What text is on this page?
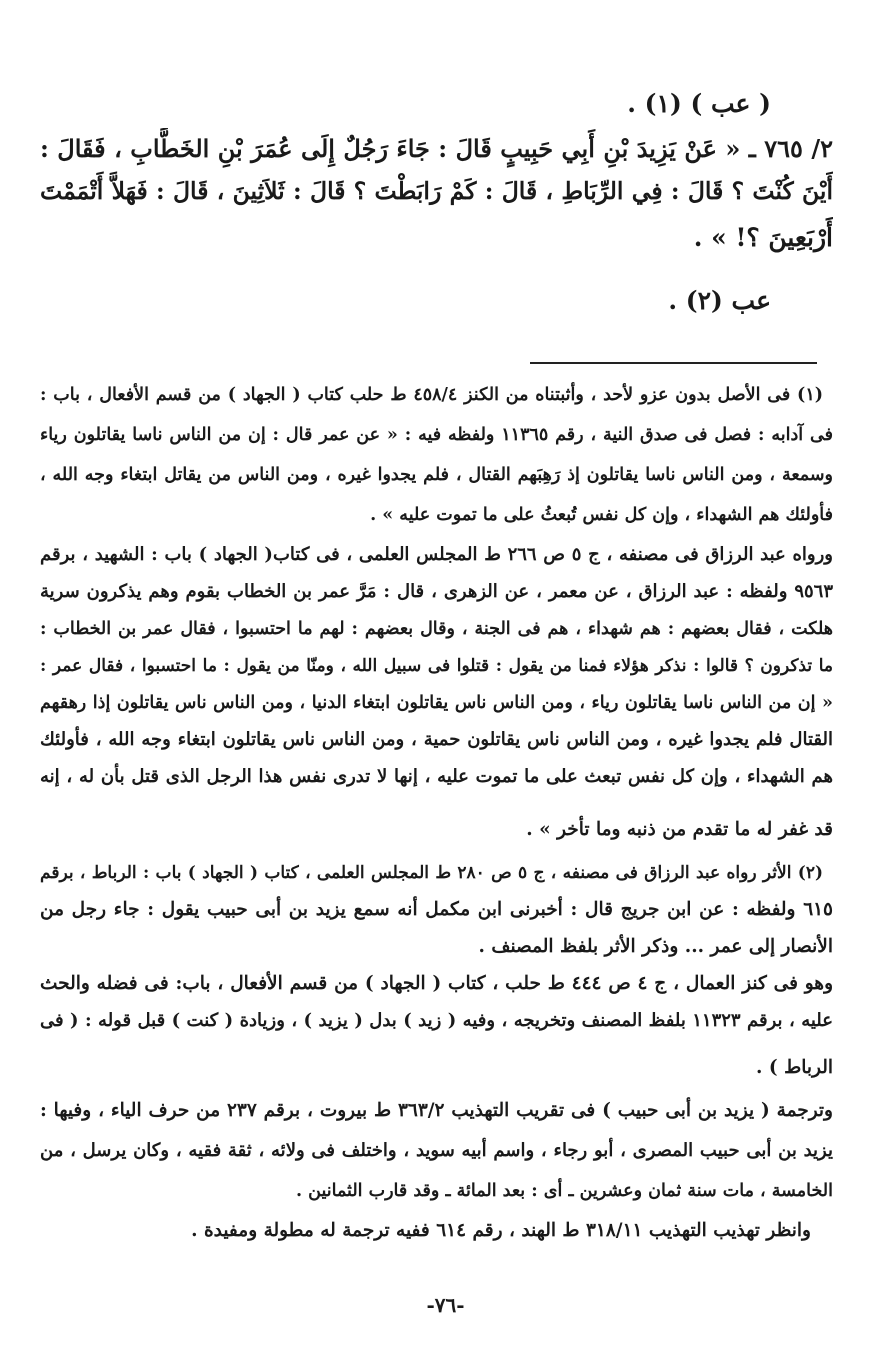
( عب ) (١) .
٢/ ٧٦٥ ـ « عَنْ يَزِيدَ بْنِ أَبِي حَبِيبٍ قَالَ : جَاءَ رَجُلٌ إِلَى عُمَرَ بْنِ الخَطَّابِ ، فَقَالَ :
أَيْنَ كُنْتَ ؟ قَالَ : فِي الرِّبَاطِ ، قَالَ : كَمْ رَابَطْتَ ؟ قَالَ : ثَلاَثِينَ ، قَالَ : فَهَلاَّ أَتْمَمْتَ
أَرْبَعِينَ ؟! » .
عب (٢) .
(١) فى الأصل بدون عزو لأحد ، وأثبتناه من الكنز ٤٥٨/٤ ط حلب كتاب ( الجهاد ) من قسم الأفعال ، باب :
فى آدابه : فصل فى صدق النية ، رقم ١١٣٦٥ ولفظه فيه : « عن عمر قال : إن من الناس ناسا يقاتلون رياء
وسمعة ، ومن الناس ناسا يقاتلون إذ رَهِبَهم القتال ، فلم يجدوا غيره ، ومن الناس من يقاتل ابتغاء وجه الله ،
فأولئك هم الشهداء ، وإن كل نفس تُبعثُ على ما تموت عليه » .
ورواه عبد الرزاق فى مصنفه ، ج ٥ ص ٢٦٦ ط المجلس العلمى ، فى كتاب( الجهاد ) باب : الشهيد ، برقم
٩٥٦٣ ولفظه : عبد الرزاق ، عن معمر ، عن الزهرى ، قال : مَرَّ عمر بن الخطاب بقوم وهم يذكرون سرية
هلكت ، فقال بعضهم : هم شهداء ، هم فى الجنة ، وقال بعضهم : لهم ما احتسبوا ، فقال عمر بن الخطاب :
ما تذكرون ؟ قالوا : نذكر هؤلاء فمنا من يقول : قتلوا فى سبيل الله ، ومنّا من يقول : ما احتسبوا ، فقال عمر :
« إن من الناس ناسا يقاتلون رياء ، ومن الناس ناس يقاتلون ابتغاء الدنيا ، ومن الناس ناس يقاتلون إذا رهقهم
القتال فلم يجدوا غيره ، ومن الناس ناس يقاتلون حمية ، ومن الناس ناس يقاتلون ابتغاء وجه الله ، فأولئك
هم الشهداء ، وإن كل نفس تبعث على ما تموت عليه ، إنها لا تدرى نفس هذا الرجل الذى قتل بأن له ، إنه
قد غفر له ما تقدم من ذنبه وما تأخر » .
(٢) الأثر رواه عبد الرزاق فى مصنفه ، ج ٥ ص ٢٨٠ ط المجلس العلمى ، كتاب ( الجهاد ) باب : الرباط ، برقم
٦١٥ ولفظه : عن ابن جريج قال : أخبرنى ابن مكمل أنه سمع يزيد بن أبى حبيب يقول : جاء رجل من
الأنصار إلى عمر ... وذكر الأثر بلفظ المصنف .
وهو فى كنز العمال ، ج ٤ ص ٤٤٤ ط حلب ، كتاب ( الجهاد ) من قسم الأفعال ، باب: فى فضله والحث
عليه ، برقم ١١٣٢٣ بلفظ المصنف وتخريجه ، وفيه ( زيد ) بدل ( يزيد ) ، وزيادة ( كنت ) قبل قوله : ( فى
الرباط ) .
وترجمة ( يزيد بن أبى حبيب ) فى تقريب التهذيب ٣٦٣/٢ ط بيروت ، برقم ٢٣٧ من حرف الياء ، وفيها :
يزيد بن أبى حبيب المصرى ، أبو رجاء ، واسم أبيه سويد ، واختلف فى ولائه ، ثقة فقيه ، وكان يرسل ، من
الخامسة ، مات سنة ثمان وعشرين ـ أى : بعد المائة ـ وقد قارب الثمانين .
وانظر تهذيب التهذيب ٣١٨/١١ ط الهند ، رقم ٦١٤ ففيه ترجمة له مطولة ومفيدة .
-٧٦-
